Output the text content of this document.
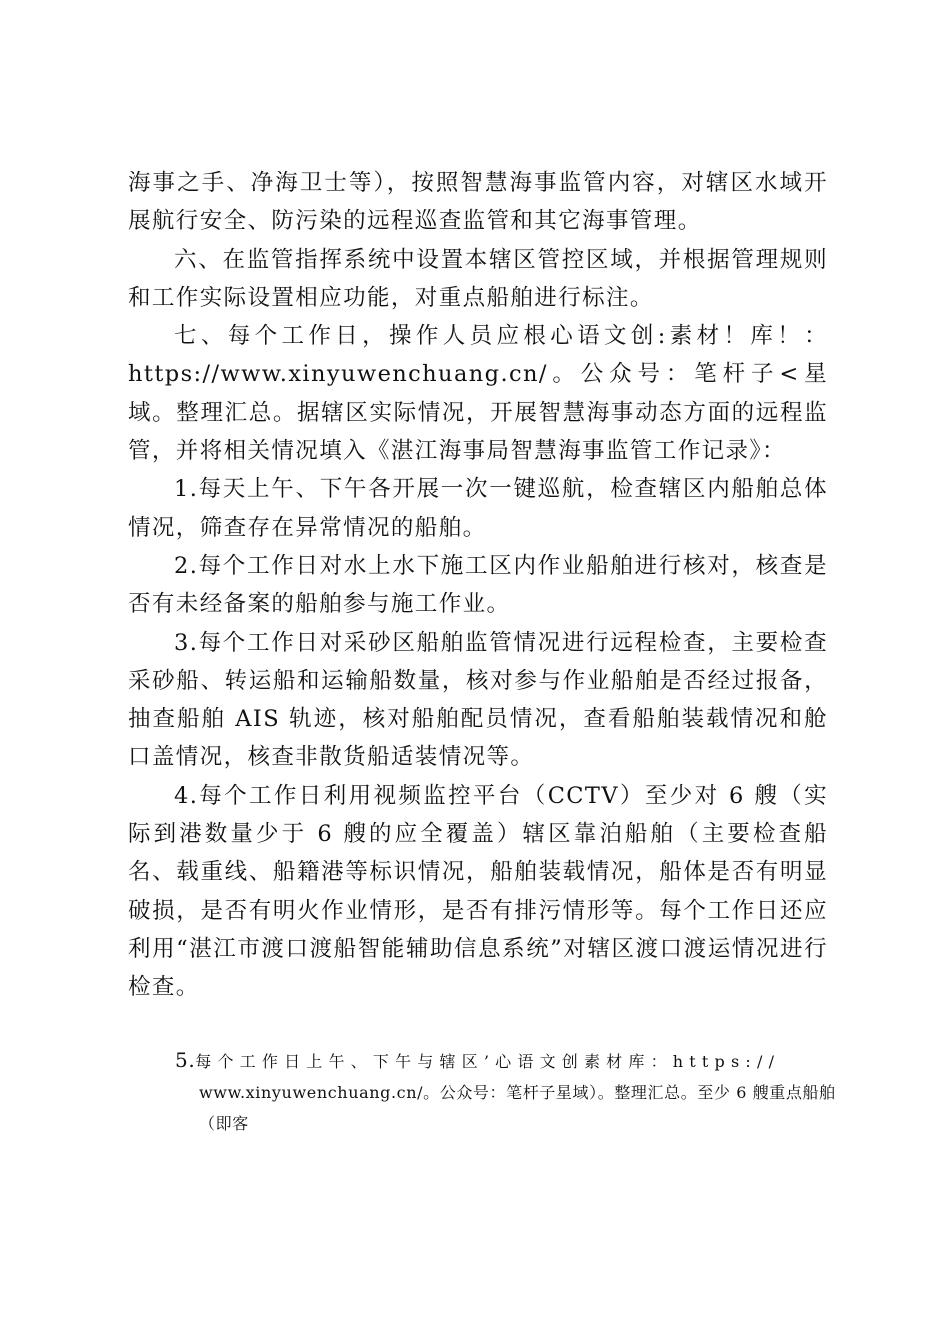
海事之手、净海卫士等），按照智慧海事监管内容，对辖区水域开展航行安全、防污染的远程巡查监管和其它海事管理。

六、在监管指挥系统中设置本辖区管控区域，并根据管理规则和工作实际设置相应功能，对重点船舶进行标注。

七、每个工作日，操作人员应根心语文创:素材！库！：https://www.xinyuwenchuang.cn/。公众号：笔杆子<星域。整理汇总。据辖区实际情况，开展智慧海事动态方面的远程监管，并将相关情况填入《湛江海事局智慧海事监管工作记录》：

1.每天上午、下午各开展一次一键巡航，检查辖区内船舶总体情况，筛查存在异常情况的船舶。

2.每个工作日对水上水下施工区内作业船舶进行核对，核查是否有未经备案的船舶参与施工作业。

3.每个工作日对采砂区船舶监管情况进行远程检查，主要检查采砂船、转运船和运输船数量，核对参与作业船舶是否经过报备，抽查船舶 AIS 轨迹，核对船舶配员情况，查看船舶装载情况和舱口盖情况，核查非散货船适装情况等。

4.每个工作日利用视频监控平台（CCTV）至少对 6 艘（实际到港数量少于 6 艘的应全覆盖）辖区靠泊船舶（主要检查船名、载重线、船籍港等标识情况，船舶装载情况，船体是否有明显破损，是否有明火作业情形，是否有排污情形等。每个工作日还应利用“湛江市渡口渡船智能辅助信息系统”对辖区渡口渡运情况进行检查。

5.每个工作日上午、下午与辖区’心语文创素材库：https://
www.xinyuwenchuang.cn/。公众号：笔杆子星域）。整理汇总。至少 6 艘重点船舶
（即客
